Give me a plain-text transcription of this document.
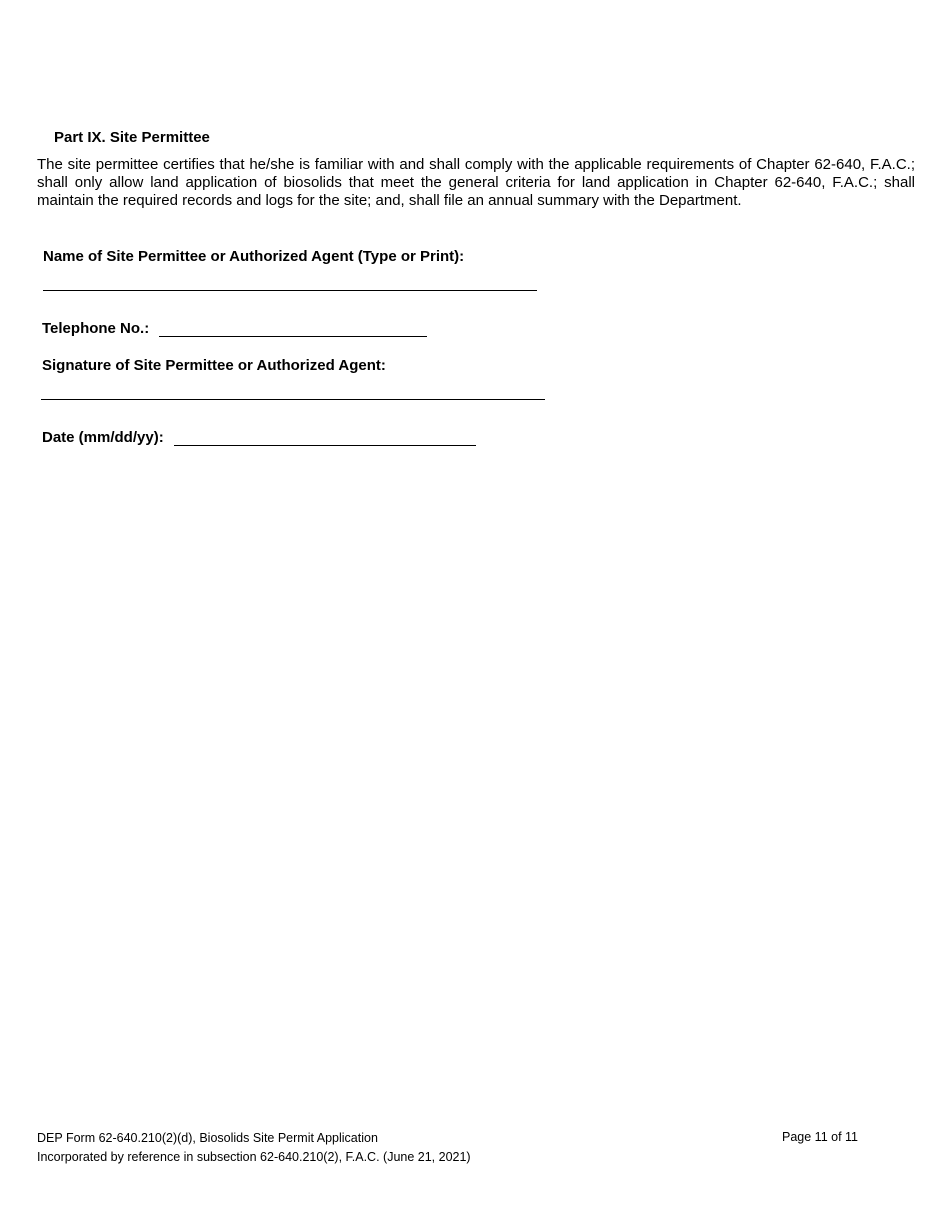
Part IX. Site Permittee

The site permittee certifies that he/she is familiar with and shall comply with the applicable requirements of Chapter 62-640, F.A.C.; shall only allow land application of biosolids that meet the general criteria for land application in Chapter 62-640, F.A.C.; shall maintain the required records and logs for the site; and, shall file an annual summary with the Department.

Name of Site Permittee or Authorized Agent (Type or Print):
Telephone No.:
Signature of Site Permittee or Authorized Agent:
Date (mm/dd/yy):
DEP Form 62-640.210(2)(d), Biosolids Site Permit Application
Incorporated by reference in subsection 62-640.210(2), F.A.C. (June 21, 2021)
Page 11 of 11
